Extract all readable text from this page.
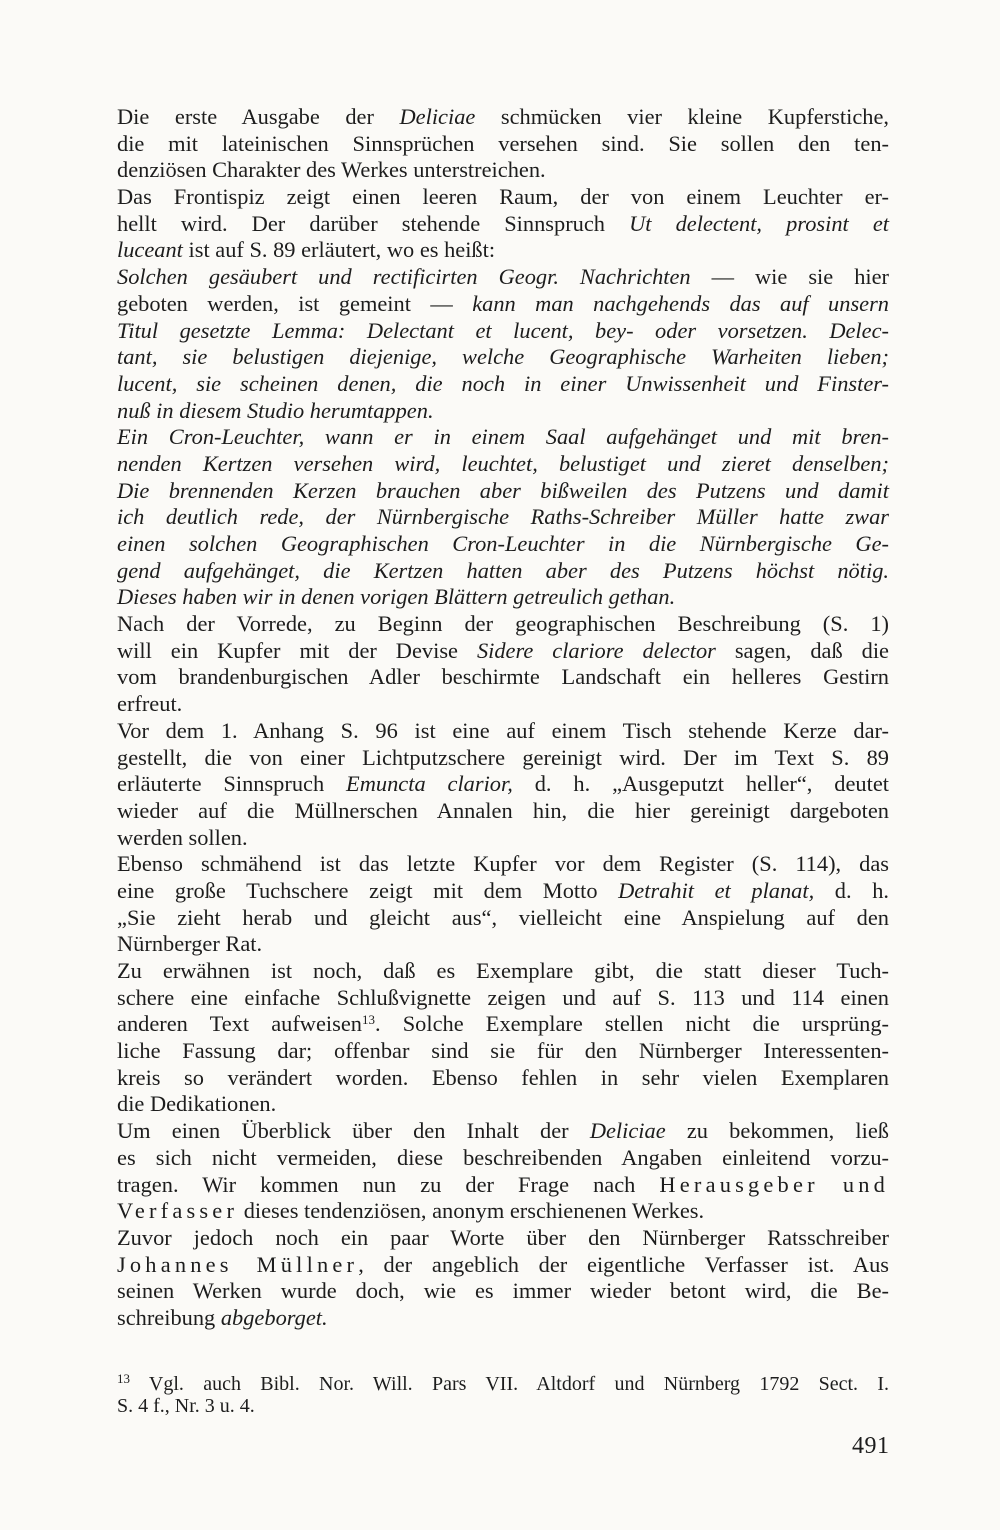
Die erste Ausgabe der Deliciae schmücken vier kleine Kupferstiche,
die mit lateinischen Sinnsprüchen versehen sind. Sie sollen den ten-
denziösen Charakter des Werkes unterstreichen.
Das Frontispiz zeigt einen leeren Raum, der von einem Leuchter er-
hellt wird. Der darüber stehende Sinnspruch Ut delectent, prosint et
luceant ist auf S. 89 erläutert, wo es heißt:
Solchen gesäubert und rectificirten Geogr. Nachrichten — wie sie hier
geboten werden, ist gemeint — kann man nachgehends das auf unsern
Titul gesetzte Lemma: Delectant et lucent, bey- oder vorsetzen. Delec-
tant, sie belustigen diejenige, welche Geographische Warheiten lieben;
lucent, sie scheinen denen, die noch in einer Unwissenheit und Finster-
nuß in diesem Studio herumtappen.
Ein Cron-Leuchter, wann er in einem Saal aufgehänget und mit bren-
nenden Kertzen versehen wird, leuchtet, belustiget und zieret denselben;
Die brennenden Kerzen brauchen aber bißweilen des Putzens und damit
ich deutlich rede, der Nürnbergische Raths-Schreiber Müller hatte zwar
einen solchen Geographischen Cron-Leuchter in die Nürnbergische Ge-
gend aufgehänget, die Kertzen hatten aber des Putzens höchst nötig.
Dieses haben wir in denen vorigen Blättern getreulich gethan.
Nach der Vorrede, zu Beginn der geographischen Beschreibung (S. 1)
will ein Kupfer mit der Devise Sidere clariore delector sagen, daß die
vom brandenburgischen Adler beschirmte Landschaft ein helleres Gestirn
erfreut.
Vor dem 1. Anhang S. 96 ist eine auf einem Tisch stehende Kerze dar-
gestellt, die von einer Lichtputzschere gereinigt wird. Der im Text S. 89
erläuterte Sinnspruch Emuncta clarior, d. h. „Ausgeputzt heller“, deutet
wieder auf die Müllnerschen Annalen hin, die hier gereinigt dargeboten
werden sollen.
Ebenso schmähend ist das letzte Kupfer vor dem Register (S. 114), das
eine große Tuchschere zeigt mit dem Motto Detrahit et planat, d. h.
„Sie zieht herab und gleicht aus“, vielleicht eine Anspielung auf den
Nürnberger Rat.
Zu erwähnen ist noch, daß es Exemplare gibt, die statt dieser Tuch-
schere eine einfache Schlußvignette zeigen und auf S. 113 und 114 einen
anderen Text aufweisen$^{13}$. Solche Exemplare stellen nicht die ursprüng-
liche Fassung dar; offenbar sind sie für den Nürnberger Interessenten-
kreis so verändert worden. Ebenso fehlen in sehr vielen Exemplaren
die Dedikationen.
Um einen Überblick über den Inhalt der Deliciae zu bekommen, ließ
es sich nicht vermeiden, diese beschreibenden Angaben einleitend vorzu-
tragen. Wir kommen nun zu der Frage nach Herausgeber und
Verfasser dieses tendenziösen, anonym erschienenen Werkes.
Zuvor jedoch noch ein paar Worte über den Nürnberger Ratsschreiber
Johannes Müllner, der angeblich der eigentliche Verfasser ist. Aus
seinen Werken wurde doch, wie es immer wieder betont wird, die Be-
schreibung abgeborget.
$^{13}$ Vgl. auch Bibl. Nor. Will. Pars VII. Altdorf und Nürnberg 1792 Sect. I.
S. 4 f., Nr. 3 u. 4.
491
